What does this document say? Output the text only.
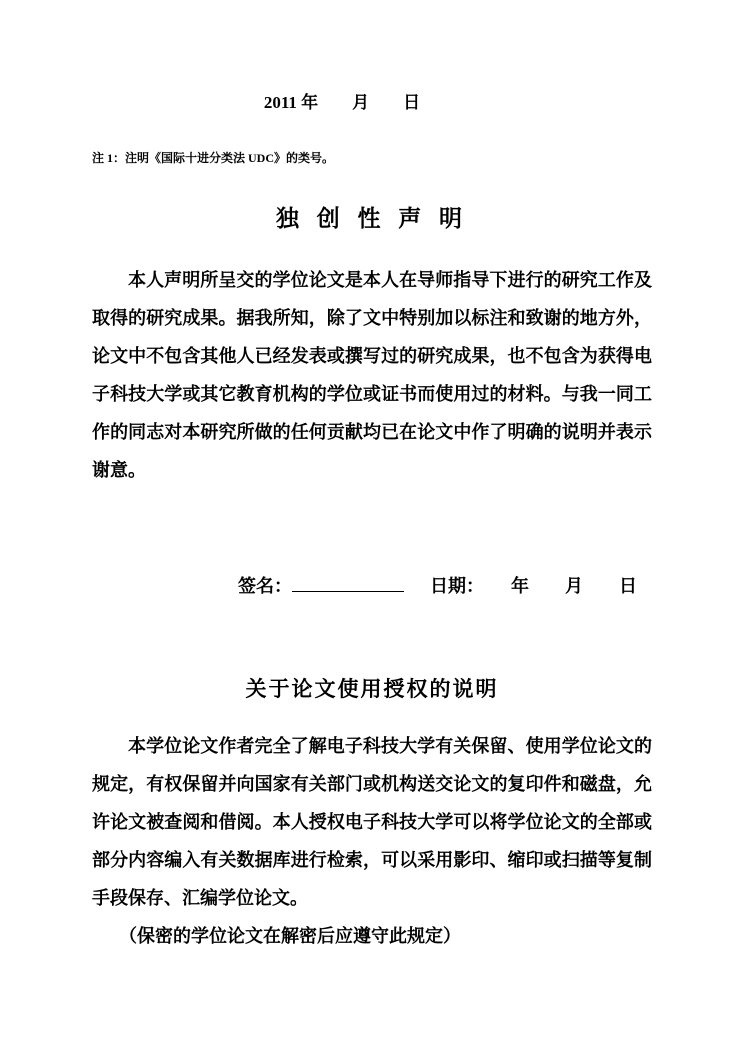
2011 年　　月　　日
注 1：注明《国际十进分类法 UDC》的类号。
独 创 性 声 明
本人声明所呈交的学位论文是本人在导师指导下进行的研究工作及取得的研究成果。据我所知，除了文中特别加以标注和致谢的地方外，论文中不包含其他人已经发表或撰写过的研究成果，也不包含为获得电子科技大学或其它教育机构的学位或证书而使用过的材料。与我一同工作的同志对本研究所做的任何贡献均已在论文中作了明确的说明并表示谢意。

签名：	日期：　　年　　月　　日

关于论文使用授权的说明
本学位论文作者完全了解电子科技大学有关保留、使用学位论文的规定，有权保留并向国家有关部门或机构送交论文的复印件和磁盘，允许论文被查阅和借阅。本人授权电子科技大学可以将学位论文的全部或部分内容编入有关数据库进行检索，可以采用影印、缩印或扫描等复制手段保存、汇编学位论文。
（保密的学位论文在解密后应遵守此规定）
